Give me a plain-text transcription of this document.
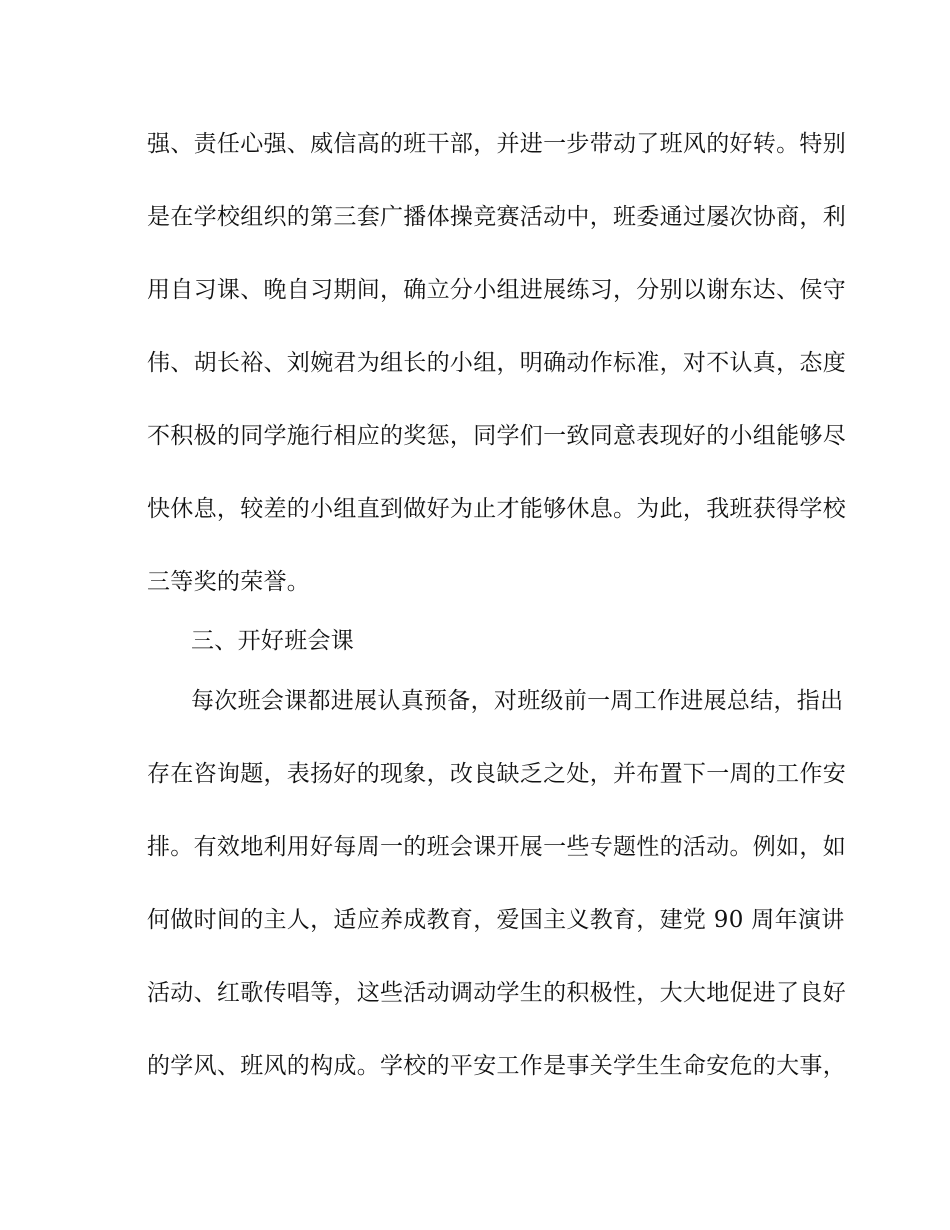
强、责任心强、威信高的班干部，并进一步带动了班风的好转。特别
是在学校组织的第三套广播体操竞赛活动中，班委通过屡次协商，利
用自习课、晚自习期间，确立分小组进展练习，分别以谢东达、侯守
伟、胡长裕、刘婉君为组长的小组，明确动作标准，对不认真，态度
不积极的同学施行相应的奖惩，同学们一致同意表现好的小组能够尽
快休息，较差的小组直到做好为止才能够休息。为此，我班获得学校
三等奖的荣誉。
三、开好班会课
每次班会课都进展认真预备，对班级前一周工作进展总结，指出
存在咨询题，表扬好的现象，改良缺乏之处，并布置下一周的工作安
排。有效地利用好每周一的班会课开展一些专题性的活动。例如，如
何做时间的主人，适应养成教育，爱国主义教育，建党 90 周年演讲
活动、红歌传唱等，这些活动调动学生的积极性，大大地促进了良好
的学风、班风的构成。学校的平安工作是事关学生生命安危的大事，
